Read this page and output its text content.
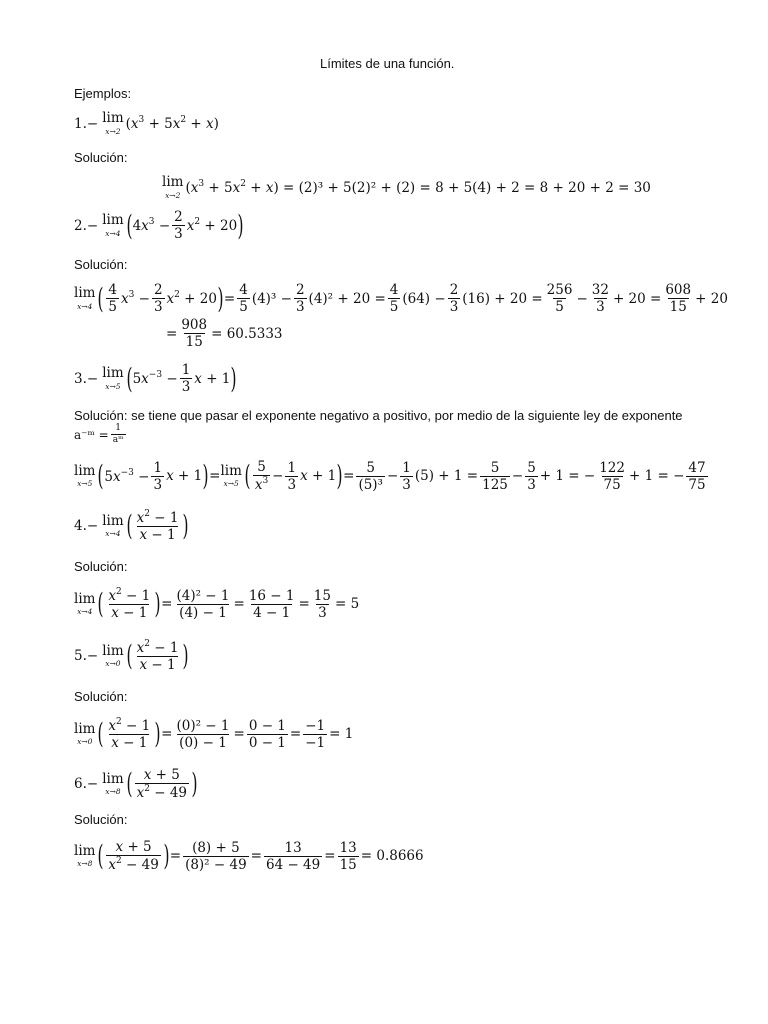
Límites de una función.
Ejemplos:
1.− lim
x→2 $(x^3 + 5x^2 + x)$
Solución:
lim
x→2 $(x^3 + 5x^2 + x) = (2)^3 + 5(2)^2 + (2) = 8 + 5(4) + 2 = 8 + 20 + 2 = 30$
2.− lim
x→4 ( $4x^3 - \frac{2}{3} x^2 + 20$ )
Solución:
lim
x→4 ( $\frac{4}{5} x^3 - \frac{2}{3} x^2 + 20$ ) = $\frac{4}{5} (4)^3 - \frac{2}{3} (4)^2 + 20 = \frac{4}{5} (64) - \frac{2}{3} (16) + 20 = \frac{256}{5} - \frac{32}{3} + 20 = \frac{608}{15} + 20$
= $\frac{908}{15} = 60.5333$
3.− lim
x→5 ( $5x^{-3} - \frac{1}{3}$ x + 1 )
Solución: se tiene que pasar el exponente negativo a positivo, por medio de la siguiente ley de exponente
a⁻ᵐ = $\frac{1}{\text{aᵐ}}$
lim
x→5 ( $5x^{-3} - \frac{1}{3}$ x + 1 ) = lim
x→5 ( $\frac{5}{x^3} - \frac{1}{3}$ x + 1 ) = $\frac{5}{\text{(5)³}} - \frac{1}{3} (5) + 1 = \frac{5}{125} - \frac{5}{3} + 1$ = − $\frac{122}{75} + 1$ = − $\frac{47}{75}$
4.− lim
x→4 ( $\frac{x^2 - 1}{x - 1}$ )
Solución:
lim
x→4 ( $\frac{x^2 - 1}{x - 1}$ ) = $\frac{\text{(4)² − 1}}{(4) - 1} = \frac{16 - 1}{4 - 1} = \frac{15}{3} = 5$
5.− lim
x→0 ( $\frac{x^2 - 1}{x - 1}$ )
Solución:
lim
x→0 ( $\frac{x^2 - 1}{x - 1}$ ) = $\frac{\text{(0)² − 1}}{(0) - 1} = \frac{0 - 1}{0 - 1} = \frac{-1}{-1} = 1$
6.− lim
x→8 ( $\frac{x + 5}{x^2 - 49}$ )
Solución:
lim
x→8 ( $\frac{x + 5}{x^2 - 49}$ ) = $\frac{(8) + 5}{\text{(8)² − 49}} = \frac{13}{64 - 49} = \frac{13}{15} = 0.8666$
